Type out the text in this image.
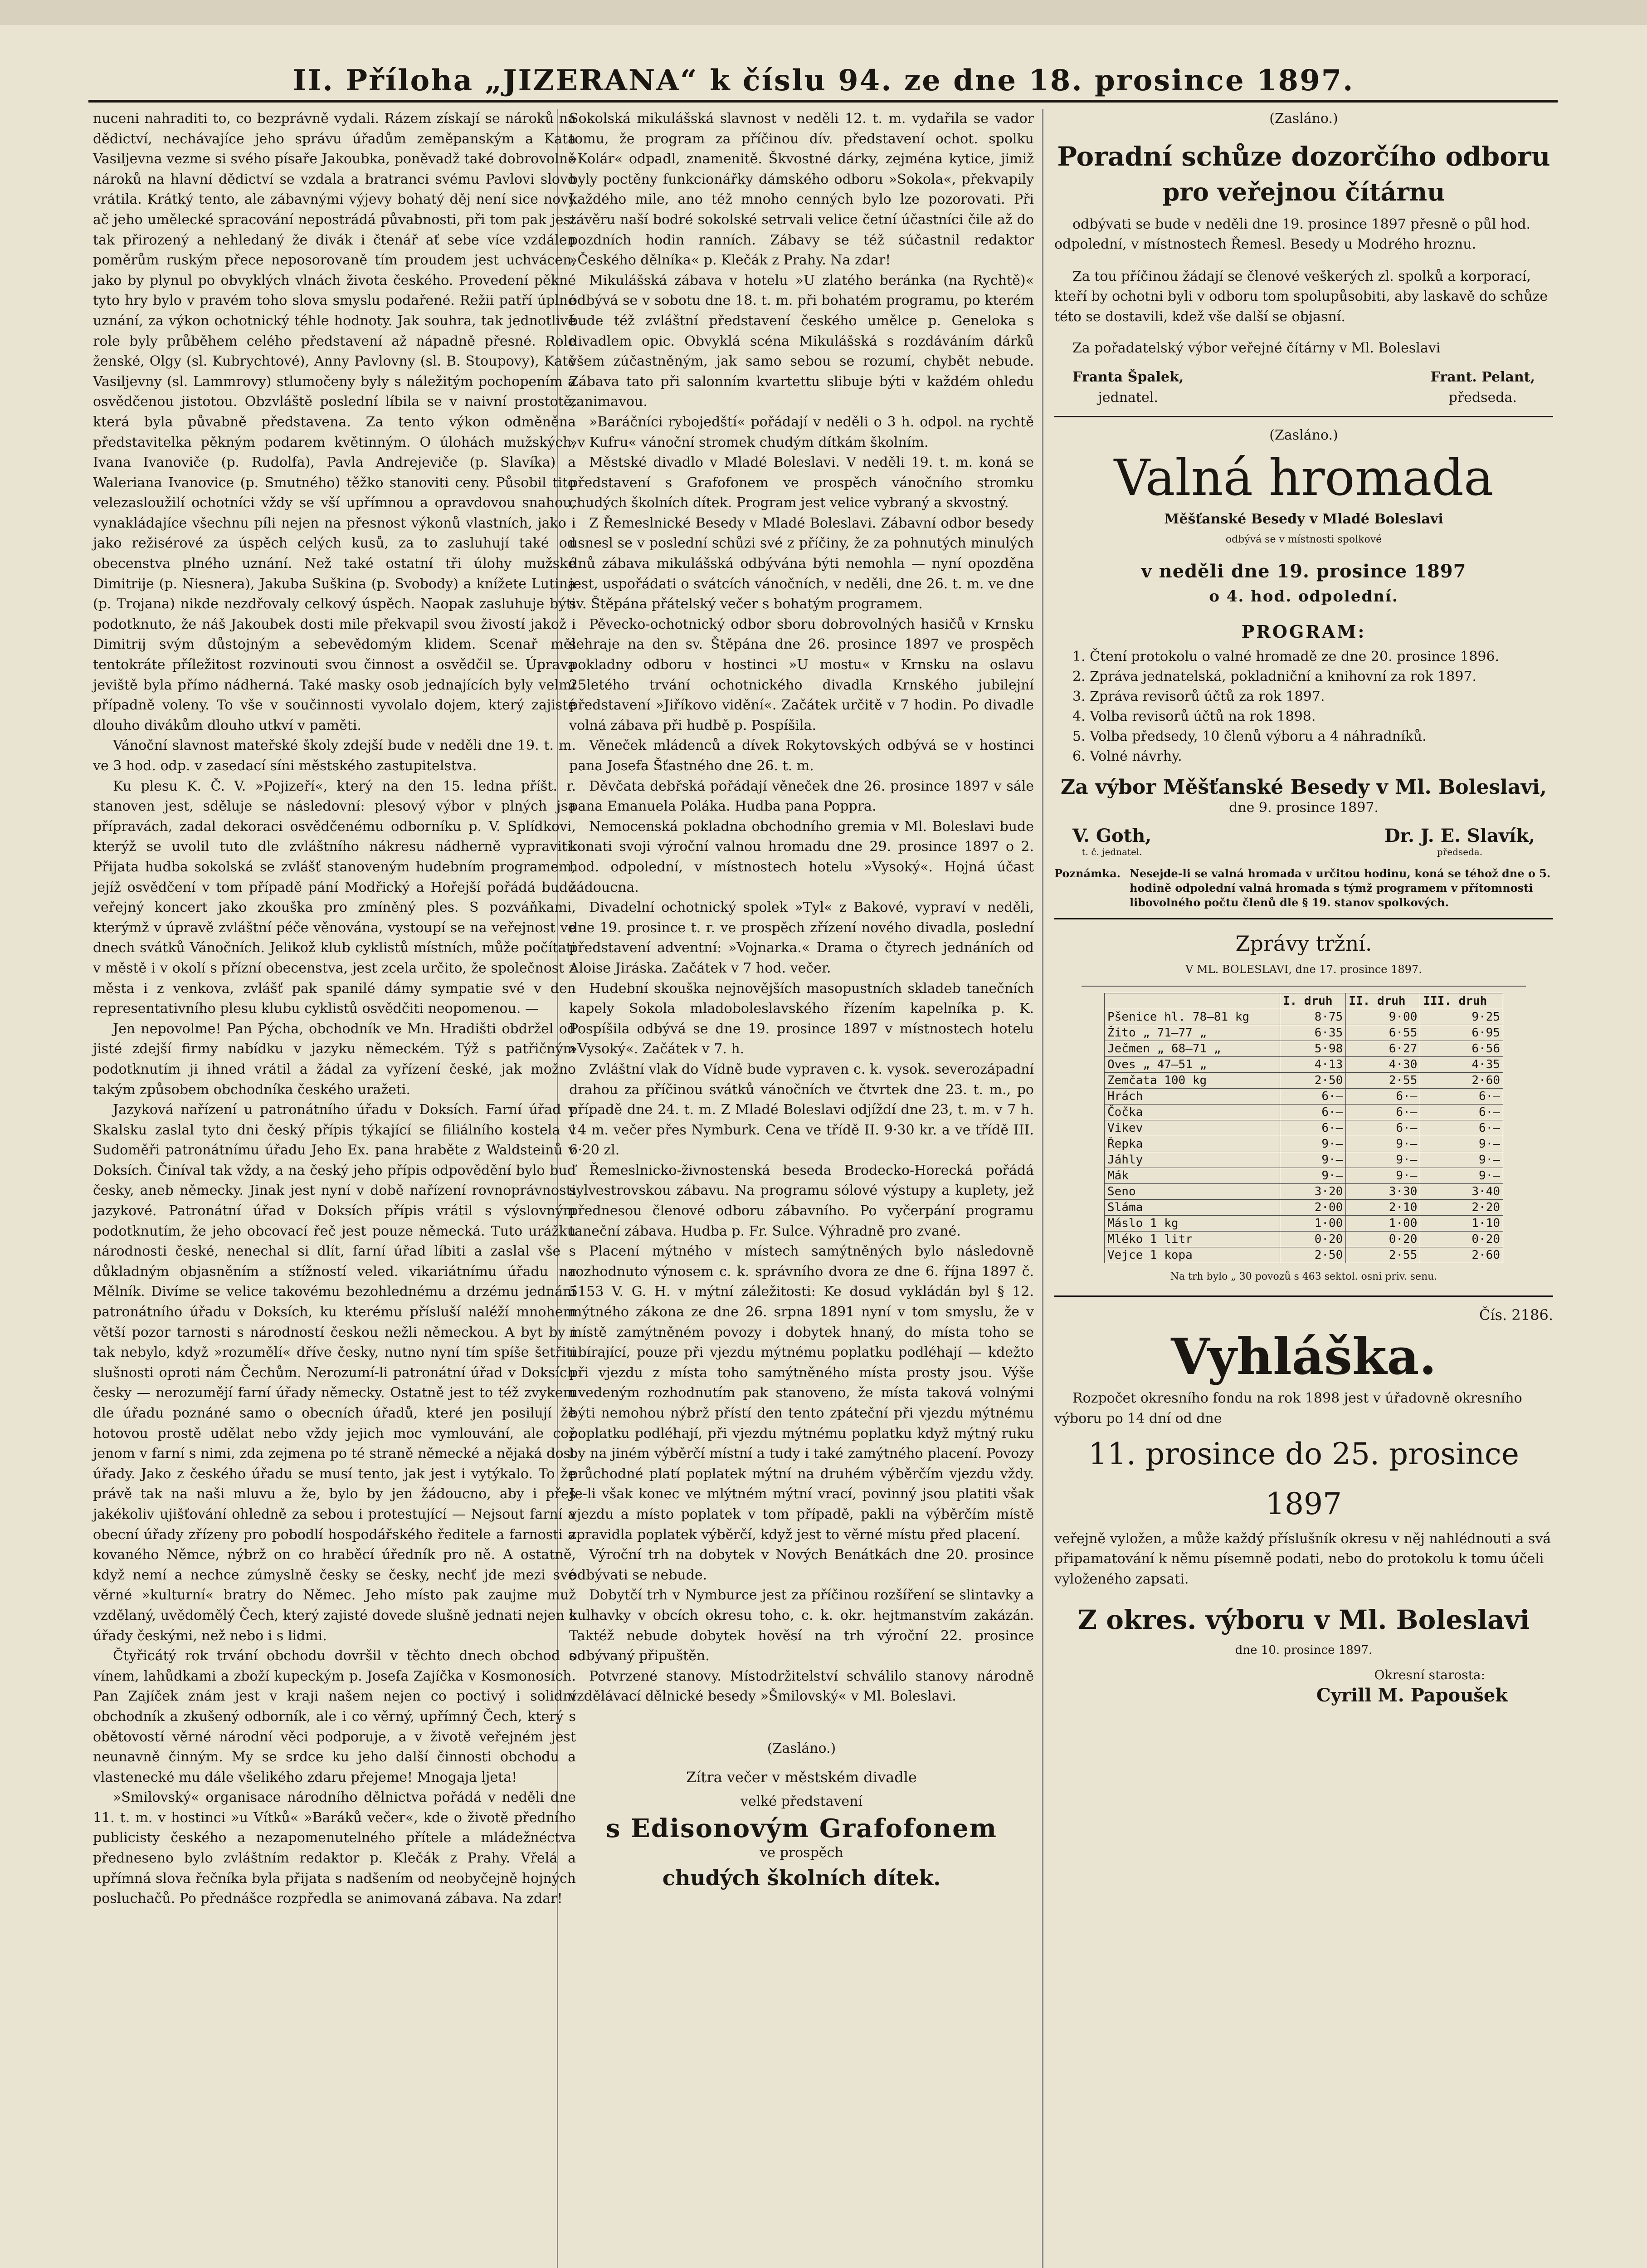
II. Příloha „JIZERANA“ k číslu 94. ze dne 18. prosince 1897.

nuceni nahraditi to, co bezprávně vydali. Rázem získají se nároků na dědictví, nechávajíce jeho správu úřadům zeměpanským a Kata Vasiljevna vezme si svého písaře Jakoubka, poněvadž také dobrovolně nároků na hlavní dědictví se vzdala a bratranci svému Pavlovi slovo vrátila. Krátký tento, ale zábavnými výjevy bohatý děj není sice nový ač jeho umělecké spracování nepostrádá půvabnosti, při tom pak jest tak přirozený a nehledaný že divák i čtenář ať sebe více vzdálen poměrům ruským přece neposorovaně tím proudem jest uchvácen, jako by plynul po obvyklých vlnách života českého. Provedení pěkné tyto hry bylo v pravém toho slova smyslu podařené. Režii patří úplné uznání, za výkon ochotnický téhle hodnoty. Jak souhra, tak jednotlivé role byly průběhem celého představení až nápadně přesné. Role ženské, Olgy (sl. Kubrychtové), Anny Pavlovny (sl. B. Stoupovy), Katě Vasiljevny (sl. Lammrovy) stlumočeny byly s náležitým pochopením a osvědčenou jistotou. Obzvláště poslední líbila se v naivní prostotě, která byla půvabně představena. Za tento výkon odměněna představitelka pěkným podarem květinným. O úlohách mužských, Ivana Ivanoviče (p. Rudolfa), Pavla Andrejeviče (p. Slavíka) a Waleriana Ivanovice (p. Smutného) těžko stanoviti ceny. Působil tito velezasloužilí ochotníci vždy se vší upřímnou a opravdovou snahou, vynakládajíce všechnu píli nejen na přesnost výkonů vlastních, jako i jako režisérové za úspěch celých kusů, za to zasluhují také od obecenstva plného uznání. Než také ostatní tři úlohy mužské Dimitrije (p. Niesnera), Jakuba Suškina (p. Svobody) a knížete Lutina (p. Trojana) nikde nezdřovaly celkový úspěch. Naopak zasluhuje býti podotknuto, že náš Jakoubek dosti mile překvapil svou živostí jakož i Dimitrij svým důstojným a sebevědomým klidem. Scenař měl tentokráte příležitost rozvinouti svou činnost a osvědčil se. Úprava jeviště byla přímo nádherná. Také masky osob jednajících byly velmi případně voleny. To vše v součinnosti vyvolalo dojem, který zajisté dlouho divákům dlouho utkví v paměti.

Vánoční slavnost mateřské školy zdejší bude v neděli dne 19. t. m. ve 3 hod. odp. v zasedací síni městského zastupitelstva.

Ku plesu K. Č. V. »Pojizeří«, který na den 15. ledna příšt. r. stanoven jest, sděluje se následovní: plesový výbor v plných jsa přípravách, zadal dekoraci osvědčenému odborníku p. V. Splídkovi, kterýž se uvolil tuto dle zvláštního nákresu nádherně vypraviti. Přijata hudba sokolská se zvlášť stanoveným hudebním programem, jejíž osvědčení v tom případě pání Modřický a Hořejší pořádá bude veřejný koncert jako zkouška pro zmíněný ples. S pozváňkami, kterýmž v úpravě zvláštní péče věnována, vystoupí se na veřejnost ve dnech svátků Vánočních. Jelikož klub cyklistů místních, může počítati v městě i v okolí s přízní obecenstva, jest zcela určito, že společnost z města i z venkova, zvlášť pak spanilé dámy sympatie své v den representativního plesu klubu cyklistů osvědčiti neopomenou. —

Jen nepovolme! Pan Pýcha, obchodník ve Mn. Hradišti obdržel od jisté zdejší firmy nabídku v jazyku německém. Týž s patřičným podotknutím ji ihned vrátil a žádal za vyřízení české, jak možno takým způsobem obchodníka českého uražeti.

Jazyková nařízení u patronátního úřadu v Doksích. Farní úřad v Skalsku zaslal tyto dni český přípis týkající se filiálního kostela v Sudoměři patronátnímu úřadu Jeho Ex. pana hraběte z Waldsteinů v Doksích. Činíval tak vždy, a na český jeho přípis odpovědění bylo buď česky, aneb německy. Jinak jest nyní v době nařízení rovnoprávnosti jazykové. Patronátní úřad v Doksích přípis vrátil s výslovným podotknutím, že jeho obcovací řeč jest pouze německá. Tuto urážku národnosti české, nenechal si dlít, farní úřad líbiti a zaslal vše s důkladným objasněním a stížností veled. vikariátnímu úřadu na Mělník. Divíme se velice takovému bezohlednému a drzému jednání patronátního úřadu v Doksích, ku kterému přísluší naléží mnohem větší pozor tarnosti s národností českou nežli německou. A byt by i tak nebylo, když »rozumělí« dříve česky, nutno nyní tím spíše šetřiti slušnosti oproti nám Čechům. Nerozumí-li patronátní úřad v Doksích česky — nerozumějí farní úřady německy. Ostatně jest to též zvykem dle úřadu poznáné samo o obecních úřadů, které jen posilují že hotovou prostě udělat nebo vždy jejich moc vymlouvání, ale což jenom v farní s nimi, zda zejmena po té straně německé a nějaká dost úřady. Jako z českého úřadu se musí tento, jak jest i vytýkalo. To že právě tak na naši mluvu a že, bylo by jen žádoucno, aby i přes jakékoliv ujišťování ohledně za sebou i protestující — Nejsout farní a obecní úřady zřízeny pro pobodlí hospodářského ředitele a farnosti a kovaného Němce, nýbrž on co hraběcí úředník pro ně. A ostatně, když nemí a nechce zúmyslně česky se česky, nechť jde mezi své věrné »kulturní« bratry do Němec. Jeho místo pak zaujme muž vzdělaný, uvědomělý Čech, který zajisté dovede slušně jednati nejen s úřady českými, než nebo i s lidmi.

Čtyřicátý rok trvání obchodu dovršil v těchto dnech obchod s vínem, lahůdkami a zboží kupeckým p. Josefa Zajíčka v Kosmonosích. Pan Zajíček znám jest v kraji našem nejen co poctivý i solidní obchodník a zkušený odborník, ale i co věrný, upřímný Čech, který s obětovostí věrné národní věci podporuje, a v životě veřejném jest neunavně činným. My se srdce ku jeho další činnosti obchodu a vlastenecké mu dále všelikého zdaru přejeme! Mnogaja ljeta!

»Smilovský« organisace národního dělnictva pořádá v neděli dne 11. t. m. v hostinci »u Vítků« »Baráků večer«, kde o životě předního publicisty českého a nezapomenutelného přítele a mládežnéctva předneseno bylo zvláštním redaktor p. Klečák z Prahy. Vřelá a upřímná slova řečníka byla přijata s nadšením od neobyčejně hojných posluchačů. Po přednášce rozpředla se animovaná zábava. Na zdar!

Sokolská mikulášská slavnost v neděli 12. t. m. vydařila se vador tomu, že program za příčinou dív. představení ochot. spolku »Kolár« odpadl, znamenitě. Škvostné dárky, zejména kytice, jimiž byly poctěny funkcionářky dámského odboru »Sokola«, překvapily každého mile, ano též mnoho cenných bylo lze pozorovati. Při závěru naší bodré sokolské setrvali velice četní účastníci čile až do pozdních hodin ranních. Zábavy se též súčastnil redaktor »Českého dělníka« p. Klečák z Prahy. Na zdar!

Mikulášská zábava v hotelu »U zlatého beránka (na Rychtě)« odbývá se v sobotu dne 18. t. m. při bohatém programu, po kterém bude též zvláštní představení českého umělce p. Geneloka s divadlem opic. Obvyklá scéna Mikulášská s rozdáváním dárků všem zúčastněným, jak samo sebou se rozumí, chybět nebude. Zábava tato při salonním kvartettu slibuje býti v každém ohledu zanimavou.

»Baráčníci rybojedští« pořádají v neděli o 3 h. odpol. na rychtě »v Kufru« vánoční stromek chudým dítkám školním.

Městské divadlo v Mladé Boleslavi. V neděli 19. t. m. koná se představení s Grafofonem ve prospěch vánočního stromku chudých školních dítek. Program jest velice vybraný a skvostný.

Z Řemeslnické Besedy v Mladé Boleslavi. Zábavní odbor besedy usnesl se v poslední schůzi své z příčiny, že za pohnutých minulých dnů zábava mikulášská odbývána býti nemohla — nyní opozděna jest, uspořádati o svátcích vánočních, v neděli, dne 26. t. m. ve dne sv. Štěpána přátelský večer s bohatým programem.

Pěvecko-ochotnický odbor sboru dobrovolných hasičů v Krnsku sehraje na den sv. Štěpána dne 26. prosince 1897 ve prospěch pokladny odboru v hostinci »U mostu« v Krnsku na oslavu 25letého trvání ochotnického divadla Krnského jubilejní představení »Jiříkovo vidění«. Začátek určitě v 7 hodin. Po divadle volná zábava při hudbě p. Pospíšila.

Věneček mládenců a dívek Rokytovských odbývá se v hostinci pana Josefa Šťastného dne 26. t. m.

Děvčata debřská pořádají věneček dne 26. prosince 1897 v sále pana Emanuela Poláka. Hudba pana Poppra.

Nemocenská pokladna obchodního gremia v Ml. Boleslavi bude konati svoji výroční valnou hromadu dne 29. prosince 1897 o 2. hod. odpolední, v místnostech hotelu »Vysoký«. Hojná účast žádoucna.

Divadelní ochotnický spolek »Tyl« z Bakové, vypraví v neděli, dne 19. prosince t. r. ve prospěch zřízení nového divadla, poslední představení adventní: »Vojnarka.« Drama o čtyrech jednáních od Aloise Jiráska. Začátek v 7 hod. večer.

Hudební skouška nejnovějších masopustních skladeb tanečních kapely Sokola mladoboleslavského řízením kapelníka p. K. Pospíšila odbývá se dne 19. prosince 1897 v místnostech hotelu »Vysoký«. Začátek v 7. h.

Zvláštní vlak do Vídně bude vypraven c. k. vysok. severozápadní drahou za příčinou svátků vánočních ve čtvrtek dne 23. t. m., po případě dne 24. t. m. Z Mladé Boleslavi odjíždí dne 23, t. m. v 7 h. 14 m. večer přes Nymburk. Cena ve třídě II. 9·30 kr. a ve třídě III. 6·20 zl.

Řemeslnicko-živnostenská beseda Brodecko-Horecká pořádá sylvestrovskou zábavu. Na programu sólové výstupy a kuplety, jež přednesou členové odboru zábavního. Po vyčerpání programu taneční zábava. Hudba p. Fr. Sulce. Výhradně pro zvané.

Placení mýtného v místech samýtněných bylo následovně rozhodnuto výnosem c. k. správního dvora ze dne 6. října 1897 č. 5153 V. G. H. v mýtní záležitosti: Ke dosud vykládán byl § 12. mýtného zákona ze dne 26. srpna 1891 nyní v tom smyslu, že v místě zamýtněném povozy i dobytek hnaný, do místa toho se ubírající, pouze při vjezdu mýtnému poplatku podléhají — kdežto při vjezdu z místa toho samýtněného místa prosty jsou. Výše uvedeným rozhodnutím pak stanoveno, že místa taková volnými býti nemohou nýbrž přístí den tento zpáteční při vjezdu mýtnému poplatku podléhají, při vjezdu mýtnému poplatku když mýtný ruku by na jiném výběrčí místní a tudy i také zamýtného placení. Povozy průchodné platí poplatek mýtní na druhém výběrčím vjezdu vždy. Je-li však konec ve mlýtném mýtní vrací, povinný jsou platiti však vjezdu a místo poplatek v tom případě, pakli na výběrčím místě zpravidla poplatek výběrčí, když jest to věrné místu před placení.

Výroční trh na dobytek v Nových Benátkách dne 20. prosince odbývati se nebude.

Dobytčí trh v Nymburce jest za příčinou rozšíření se slintavky a kulhavky v obcích okresu toho, c. k. okr. hejtmanstvím zakázán. Taktéž nebude dobytek hověsí na trh výroční 22. prosince odbývaný připuštěn.

Potvrzené stanovy. Místodržitelství schválilo stanovy národně vzdělávací dělnické besedy »Šmilovský« v Ml. Boleslavi.

(Zasláno.)
Zítra večer v městském divadle
velké představení
s Edisonovým Grafofonem
ve prospěch
chudých školních dítek.
(Zasláno.)
Poradní schůze dozorčího odboru
pro veřejnou čítárnu
odbývati se bude v neděli dne 19. prosince 1897 přesně o půl hod. odpolední, v místnostech Řemesl. Besedy u Modrého hroznu.
Za tou příčinou žádají se členové veškerých zl. spolků a korporací, kteří by ochotni byli v odboru tom spolupůsobiti, aby laskavě do schůze této se dostavili, kdež vše další se objasní.
Za pořadatelský výbor veřejné čítárny v Ml. Boleslavi
Franta Špalek,
jednatel.
Frant. Pelant,
předseda.
(Zasláno.)
Valná hromada
Měšťanské Besedy v Mladé Boleslavi
odbývá se v místnosti spolkové
v neděli dne 19. prosince 1897
o 4. hod. odpolední.
PROGRAM:
1. Čtení protokolu o valné hromadě ze dne 20. prosince 1896.
2. Zpráva jednatelská, pokladniční a knihovní za rok 1897.
3. Zpráva revisorů účtů za rok 1897.
4. Volba revisorů účtů na rok 1898.
5. Volba předsedy, 10 členů výboru a 4 náhradníků.
6. Volné návrhy.
Za výbor Měšťanské Besedy v Ml. Boleslavi,
dne 9. prosince 1897.
V. Goth,
t. č. jednatel.
Dr. J. E. Slavík,
předseda.
Poznámka. Nesejde-li se valná hromada v určitou hodinu, koná se téhož dne o 5. hodině odpolední valná hromada s týmž programem v přítomnosti libovolného počtu členů dle § 19. stanov spolkových.
Zprávy tržní.
V ML. BOLESLAVI, dne 17. prosince 1897.
	I. druh	II. druh	III. druh
Pšenice hl. 78—81 kg	8·75	9·00	9·25
Žito „ 71—77 „	6·35	6·55	6·95
Ječmen „ 68—71 „	5·98	6·27	6·56
Oves „ 47—51 „	4·13	4·30	4·35
Zemčata 100 kg	2·50	2·55	2·60
Hrách	6·—	6·—	6·—
Čočka	6·—	6·—	6·—
Vikev	6·—	6·—	6·—
Řepka	9·—	9·—	9·—
Jáhly	9·—	9·—	9·—
Mák	9·—	9·—	9·—
Seno	3·20	3·30	3·40
Sláma	2·00	2·10	2·20
Máslo 1 kg	1·00	1·00	1·10
Mléko 1 litr	0·20	0·20	0·20
Vejce 1 kopa	2·50	2·55	2·60
Na trh bylo „ 30 povozů s 463 sektol. osni priv. senu.
Čís. 2186.
Vyhláška.
Rozpočet okresního fondu na rok 1898 jest v úřadovně okresního výboru po 14 dní od dne
11. prosince do 25. prosince 1897
veřejně vyložen, a může každý příslušník okresu v něj nahlédnouti a svá připamatování k němu písemně podati, nebo do protokolu k tomu účeli vyloženého zapsati.
Z okres. výboru v Ml. Boleslavi
dne 10. prosince 1897.
Okresní starosta:
Cyrill M. Papoušek
